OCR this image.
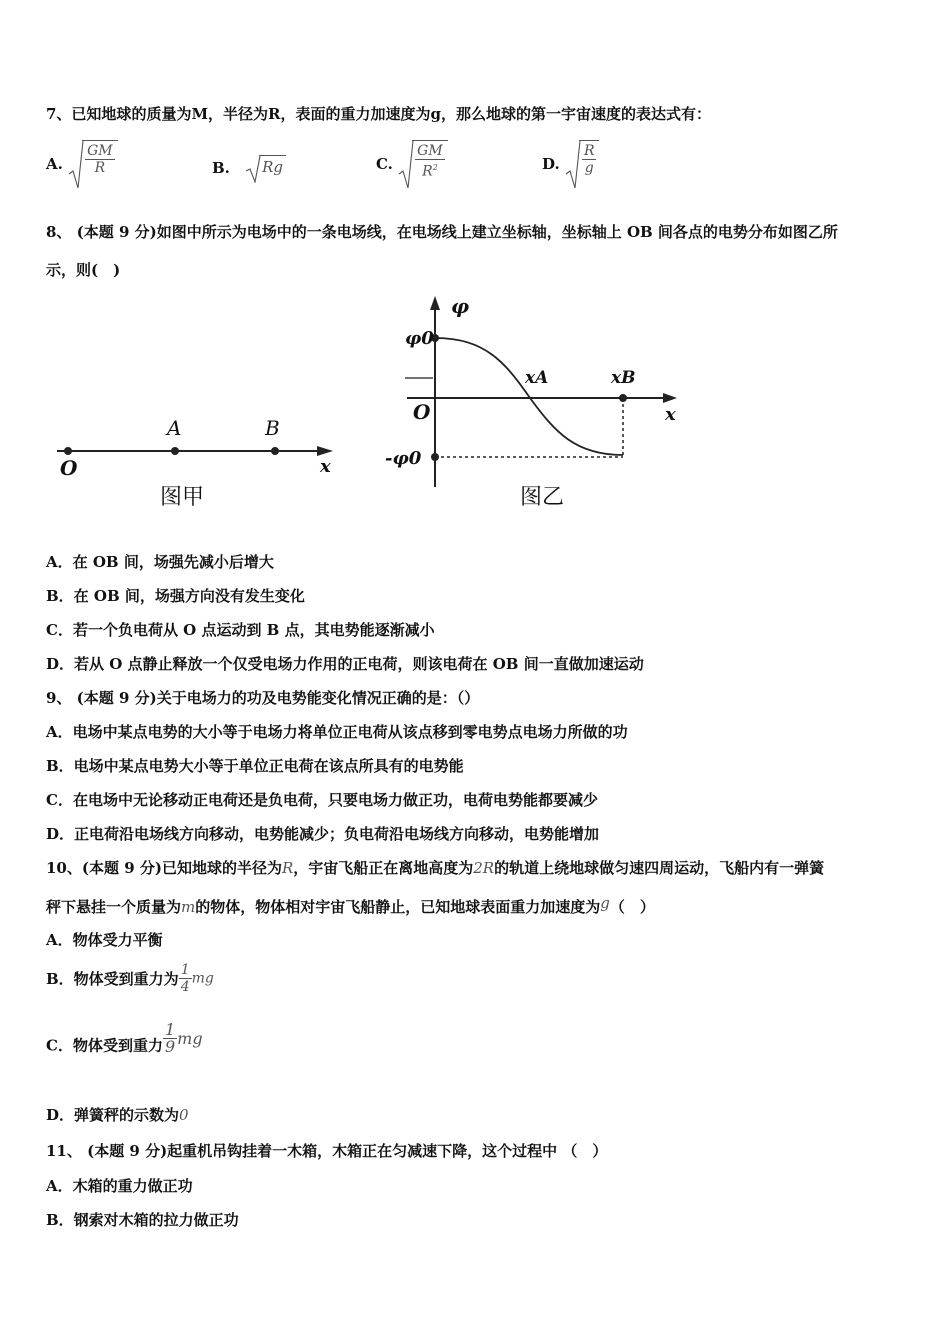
7、已知地球的质量为M，半径为R，表面的重力加速度为g，那么地球的第一宇宙速度的表达式有：
A. $\frac{GM}{R}$	B. Rg	C. $\frac{GM}{R^2}$	D. $\frac{R}{g}$
8、 (本题 9 分)如图中所示为电场中的一条电场线，在电场线上建立坐标轴，坐标轴上 OB 间各点的电势分布如图乙所
示，则(　)
O
A	B
x
图甲
φ
φ0
O
-φ0
xA	xB
x
图乙
A．在 OB 间，场强先减小后增大
B．在 OB 间，场强方向没有发生变化
C．若一个负电荷从 O 点运动到 B 点，其电势能逐渐减小
D．若从 O 点静止释放一个仅受电场力作用的正电荷，则该电荷在 OB 间一直做加速运动
9、 (本题 9 分)关于电场力的功及电势能变化情况正确的是：（）
A．电场中某点电势的大小等于电场力将单位正电荷从该点移到零电势点电场力所做的功
B．电场中某点电势大小等于单位正电荷在该点所具有的电势能
C．在电场中无论移动正电荷还是负电荷，只要电场力做正功，电荷电势能都要减少
D．正电荷沿电场线方向移动，电势能减少；负电荷沿电场线方向移动，电势能增加
10、(本题 9 分)已知地球的半径为R，宇宙飞船正在离地高度为2R的轨道上绕地球做匀速四周运动，飞船内有一弹簧
秤下悬挂一个质量为m的物体，物体相对宇宙飞船静止，已知地球表面重力加速度为g（　）
A．物体受力平衡
B．物体受到重力为 $\frac{1}{4}$ mg
C．物体受到重力 $\frac{1}{9}$ mg
D．弹簧秤的示数为0
11、 (本题 9 分)起重机吊钩挂着一木箱，木箱正在匀减速下降，这个过程中 （　）
A．木箱的重力做正功
B．钢索对木箱的拉力做正功
